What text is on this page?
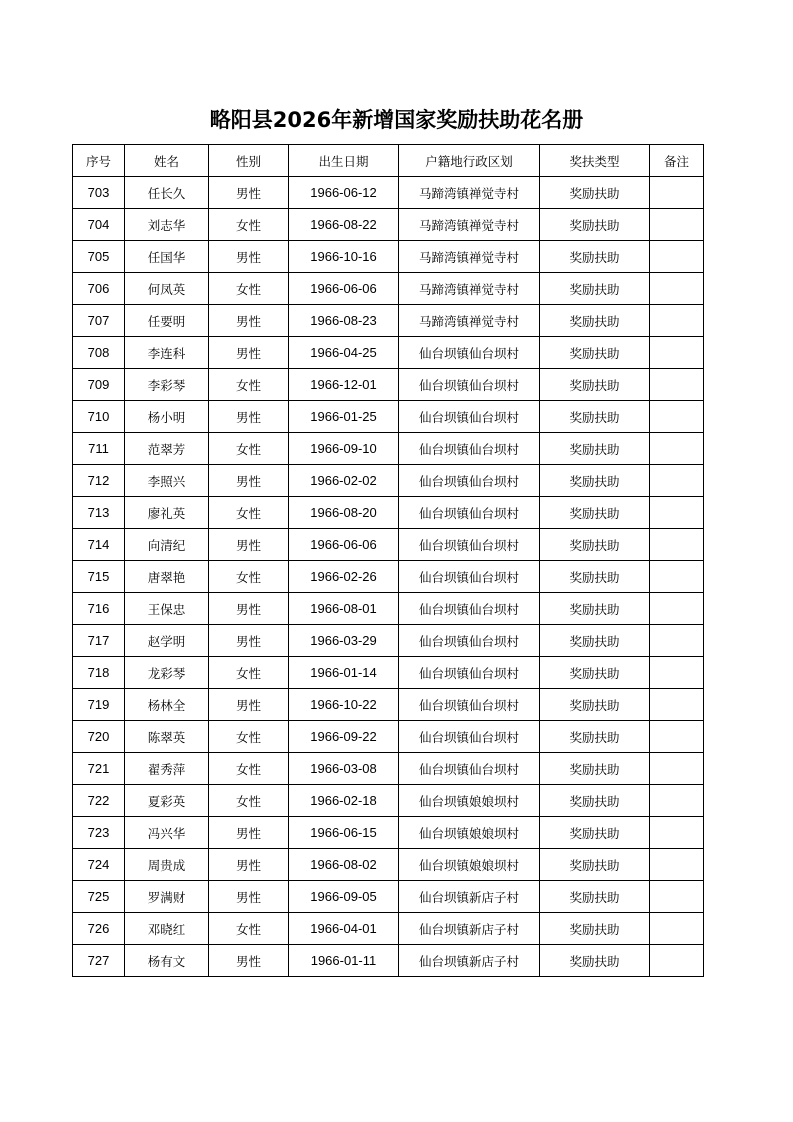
略阳县2026年新增国家奖励扶助花名册
序号	姓名	性别	出生日期	户籍地行政区划	奖扶类型	备注
703	任长久	男性	1966-06-12	马蹄湾镇禅觉寺村	奖励扶助	
704	刘志华	女性	1966-08-22	马蹄湾镇禅觉寺村	奖励扶助	
705	任国华	男性	1966-10-16	马蹄湾镇禅觉寺村	奖励扶助	
706	何凤英	女性	1966-06-06	马蹄湾镇禅觉寺村	奖励扶助	
707	任要明	男性	1966-08-23	马蹄湾镇禅觉寺村	奖励扶助	
708	李连科	男性	1966-04-25	仙台坝镇仙台坝村	奖励扶助	
709	李彩琴	女性	1966-12-01	仙台坝镇仙台坝村	奖励扶助	
710	杨小明	男性	1966-01-25	仙台坝镇仙台坝村	奖励扶助	
711	范翠芳	女性	1966-09-10	仙台坝镇仙台坝村	奖励扶助	
712	李照兴	男性	1966-02-02	仙台坝镇仙台坝村	奖励扶助	
713	廖礼英	女性	1966-08-20	仙台坝镇仙台坝村	奖励扶助	
714	向清纪	男性	1966-06-06	仙台坝镇仙台坝村	奖励扶助	
715	唐翠艳	女性	1966-02-26	仙台坝镇仙台坝村	奖励扶助	
716	王保忠	男性	1966-08-01	仙台坝镇仙台坝村	奖励扶助	
717	赵学明	男性	1966-03-29	仙台坝镇仙台坝村	奖励扶助	
718	龙彩琴	女性	1966-01-14	仙台坝镇仙台坝村	奖励扶助	
719	杨林全	男性	1966-10-22	仙台坝镇仙台坝村	奖励扶助	
720	陈翠英	女性	1966-09-22	仙台坝镇仙台坝村	奖励扶助	
721	翟秀萍	女性	1966-03-08	仙台坝镇仙台坝村	奖励扶助	
722	夏彩英	女性	1966-02-18	仙台坝镇娘娘坝村	奖励扶助	
723	冯兴华	男性	1966-06-15	仙台坝镇娘娘坝村	奖励扶助	
724	周贵成	男性	1966-08-02	仙台坝镇娘娘坝村	奖励扶助	
725	罗满财	男性	1966-09-05	仙台坝镇新店子村	奖励扶助	
726	邓晓红	女性	1966-04-01	仙台坝镇新店子村	奖励扶助	
727	杨有文	男性	1966-01-11	仙台坝镇新店子村	奖励扶助	
